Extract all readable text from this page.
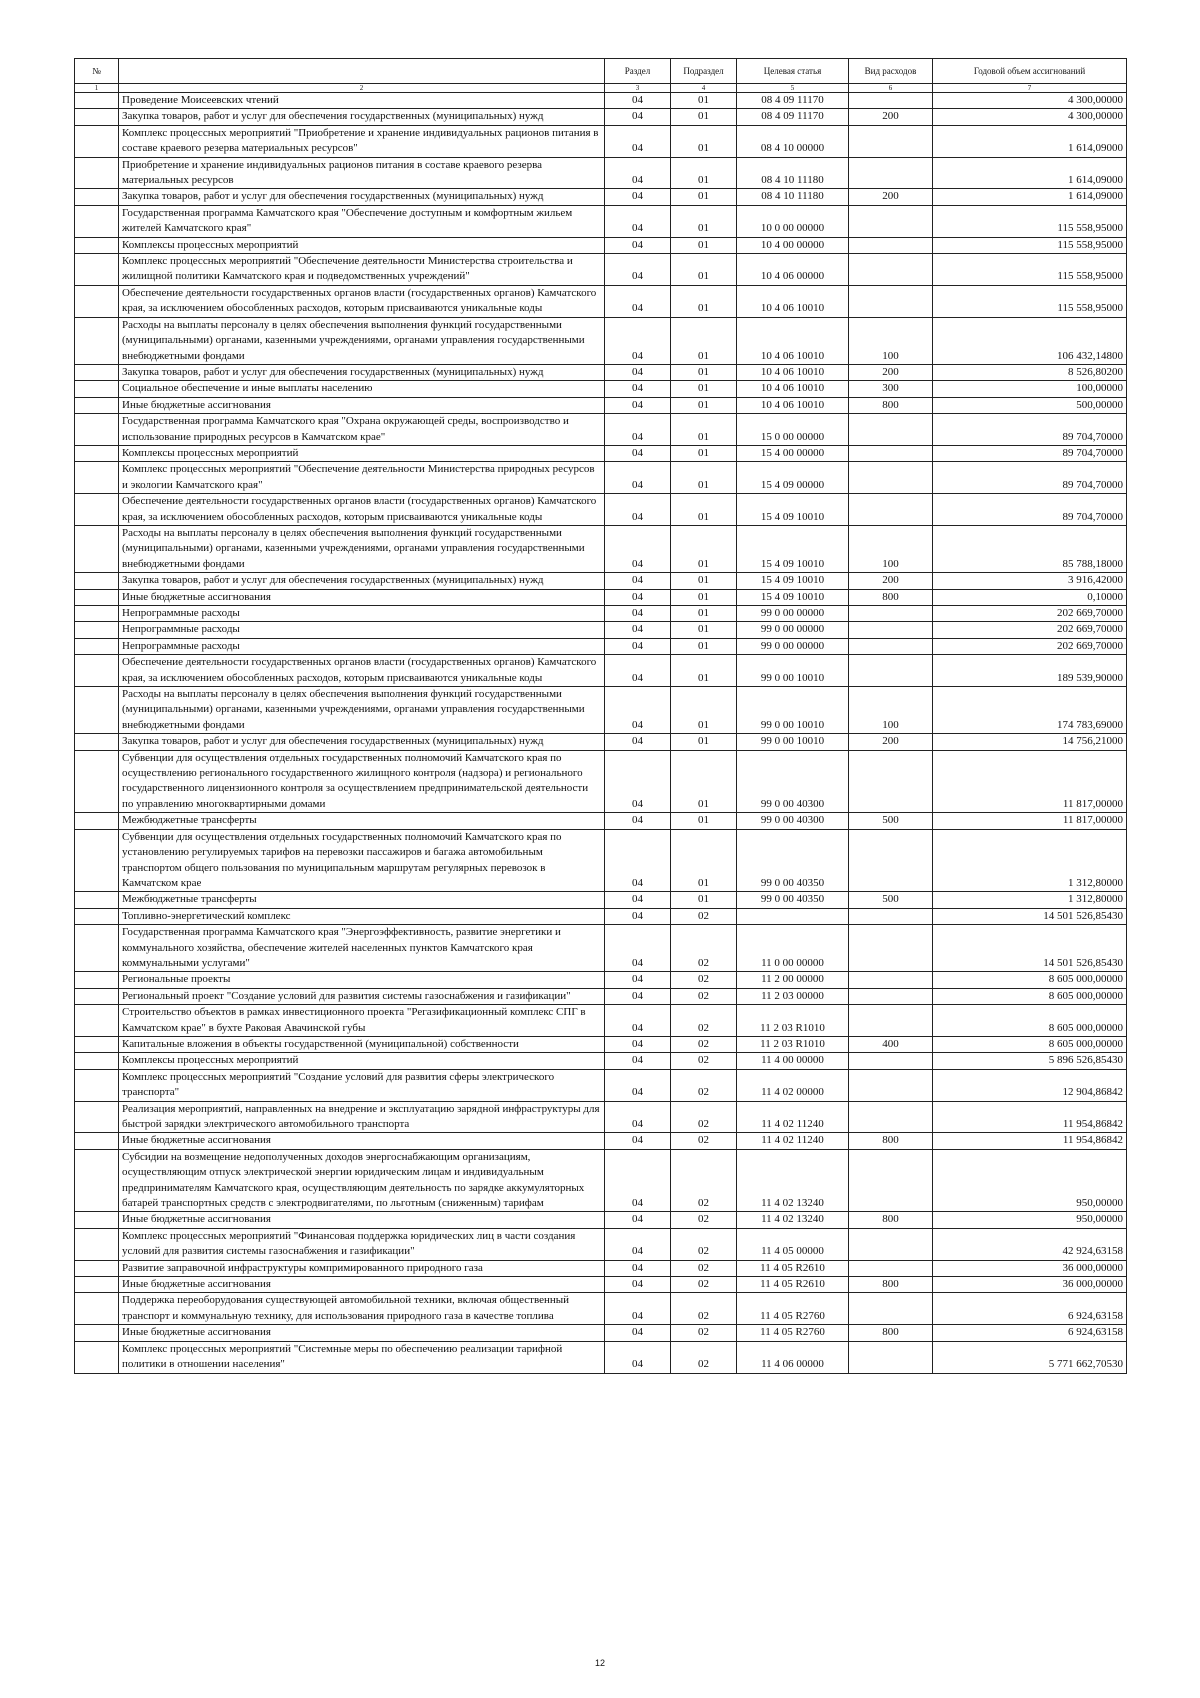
№		Раздел	Подраздел	Целевая статья	Вид расходов	Годовой объем ассигнований
1	2	3	4	5	6	7
	Проведение Моисеевских чтений	04	01	08 4 09 11170		4 300,00000
	Закупка товаров, работ и услуг для обеспечения государственных (муниципальных) нужд	04	01	08 4 09 11170	200	4 300,00000
	Комплекс процессных мероприятий "Приобретение и хранение индивидуальных рационов питания в составе краевого резерва материальных ресурсов"	04	01	08 4 10 00000		1 614,09000
	Приобретение и хранение индивидуальных рационов питания в составе краевого резерва материальных ресурсов	04	01	08 4 10 11180		1 614,09000
	Закупка товаров, работ и услуг для обеспечения государственных (муниципальных) нужд	04	01	08 4 10 11180	200	1 614,09000
	Государственная программа Камчатского края "Обеспечение доступным и комфортным жильем жителей Камчатского края"	04	01	10 0 00 00000		115 558,95000
	Комплексы процессных мероприятий	04	01	10 4 00 00000		115 558,95000
	Комплекс процессных мероприятий "Обеспечение деятельности Министерства строительства и жилищной политики Камчатского края и подведомственных учреждений"	04	01	10 4 06 00000		115 558,95000
	Обеспечение деятельности государственных органов власти (государственных органов) Камчатского края, за исключением обособленных расходов, которым присваиваются уникальные коды	04	01	10 4 06 10010		115 558,95000
	Расходы на выплаты персоналу в целях обеспечения выполнения функций государственными (муниципальными) органами, казенными учреждениями, органами управления государственными внебюджетными фондами	04	01	10 4 06 10010	100	106 432,14800
	Закупка товаров, работ и услуг для обеспечения государственных (муниципальных) нужд	04	01	10 4 06 10010	200	8 526,80200
	Социальное обеспечение и иные выплаты населению	04	01	10 4 06 10010	300	100,00000
	Иные бюджетные ассигнования	04	01	10 4 06 10010	800	500,00000
	Государственная программа Камчатского края "Охрана окружающей среды, воспроизводство и использование природных ресурсов в Камчатском крае"	04	01	15 0 00 00000		89 704,70000
	Комплексы процессных мероприятий	04	01	15 4 00 00000		89 704,70000
	Комплекс процессных мероприятий "Обеспечение деятельности Министерства природных ресурсов и экологии Камчатского края"	04	01	15 4 09 00000		89 704,70000
	Обеспечение деятельности государственных органов власти (государственных органов) Камчатского края, за исключением обособленных расходов, которым присваиваются уникальные коды	04	01	15 4 09 10010		89 704,70000
	Расходы на выплаты персоналу в целях обеспечения выполнения функций государственными (муниципальными) органами, казенными учреждениями, органами управления государственными внебюджетными фондами	04	01	15 4 09 10010	100	85 788,18000
	Закупка товаров, работ и услуг для обеспечения государственных (муниципальных) нужд	04	01	15 4 09 10010	200	3 916,42000
	Иные бюджетные ассигнования	04	01	15 4 09 10010	800	0,10000
	Непрограммные расходы	04	01	99 0 00 00000		202 669,70000
	Непрограммные расходы	04	01	99 0 00 00000		202 669,70000
	Непрограммные расходы	04	01	99 0 00 00000		202 669,70000
	Обеспечение деятельности государственных органов власти (государственных органов) Камчатского края, за исключением обособленных расходов, которым присваиваются уникальные коды	04	01	99 0 00 10010		189 539,90000
	Расходы на выплаты персоналу в целях обеспечения выполнения функций государственными (муниципальными) органами, казенными учреждениями, органами управления государственными внебюджетными фондами	04	01	99 0 00 10010	100	174 783,69000
	Закупка товаров, работ и услуг для обеспечения государственных (муниципальных) нужд	04	01	99 0 00 10010	200	14 756,21000
	Субвенции для осуществления отдельных государственных полномочий Камчатского края по осуществлению регионального государственного жилищного контроля (надзора) и регионального государственного лицензионного контроля за осуществлением предпринимательской деятельности по управлению многоквартирными домами	04	01	99 0 00 40300		11 817,00000
	Межбюджетные трансферты	04	01	99 0 00 40300	500	11 817,00000
	Субвенции для осуществления отдельных государственных полномочий Камчатского края по установлению регулируемых тарифов на перевозки пассажиров и багажа автомобильным транспортом общего пользования по муниципальным маршрутам регулярных перевозок в Камчатском крае	04	01	99 0 00 40350		1 312,80000
	Межбюджетные трансферты	04	01	99 0 00 40350	500	1 312,80000
	Топливно-энергетический комплекс	04	02			14 501 526,85430
	Государственная программа Камчатского края "Энергоэффективность, развитие энергетики и коммунального хозяйства, обеспечение жителей населенных пунктов Камчатского края коммунальными услугами"	04	02	11 0 00 00000		14 501 526,85430
	Региональные проекты	04	02	11 2 00 00000		8 605 000,00000
	Региональный проект "Создание условий для развития системы газоснабжения и газификации"	04	02	11 2 03 00000		8 605 000,00000
	Строительство объектов в рамках инвестиционного проекта "Регазификационный комплекс СПГ в Камчатском крае" в бухте Раковая Авачинской губы	04	02	11 2 03 R1010		8 605 000,00000
	Капитальные вложения в объекты государственной (муниципальной) собственности	04	02	11 2 03 R1010	400	8 605 000,00000
	Комплексы процессных мероприятий	04	02	11 4 00 00000		5 896 526,85430
	Комплекс процессных мероприятий "Создание условий для развития сферы электрического транспорта"	04	02	11 4 02 00000		12 904,86842
	Реализация мероприятий, направленных на внедрение и эксплуатацию зарядной инфраструктуры для быстрой зарядки электрического автомобильного транспорта	04	02	11 4 02 11240		11 954,86842
	Иные бюджетные ассигнования	04	02	11 4 02 11240	800	11 954,86842
	Субсидии на возмещение недополученных доходов энергоснабжающим организациям, осуществляющим отпуск электрической энергии юридическим лицам и индивидуальным предпринимателям Камчатского края, осуществляющим деятельность по зарядке аккумуляторных батарей транспортных средств с электродвигателями, по льготным (сниженным) тарифам	04	02	11 4 02 13240		950,00000
	Иные бюджетные ассигнования	04	02	11 4 02 13240	800	950,00000
	Комплекс процессных мероприятий "Финансовая поддержка юридических лиц в части создания условий для развития системы газоснабжения и газификации"	04	02	11 4 05 00000		42 924,63158
	Развитие заправочной инфраструктуры компримированного природного газа	04	02	11 4 05 R2610		36 000,00000
	Иные бюджетные ассигнования	04	02	11 4 05 R2610	800	36 000,00000
	Поддержка переоборудования существующей автомобильной техники, включая общественный транспорт и коммунальную технику, для использования природного газа в качестве топлива	04	02	11 4 05 R2760		6 924,63158
	Иные бюджетные ассигнования	04	02	11 4 05 R2760	800	6 924,63158
	Комплекс процессных мероприятий "Системные меры по обеспечению реализации тарифной политики в отношении населения"	04	02	11 4 06 00000		5 771 662,70530
12
